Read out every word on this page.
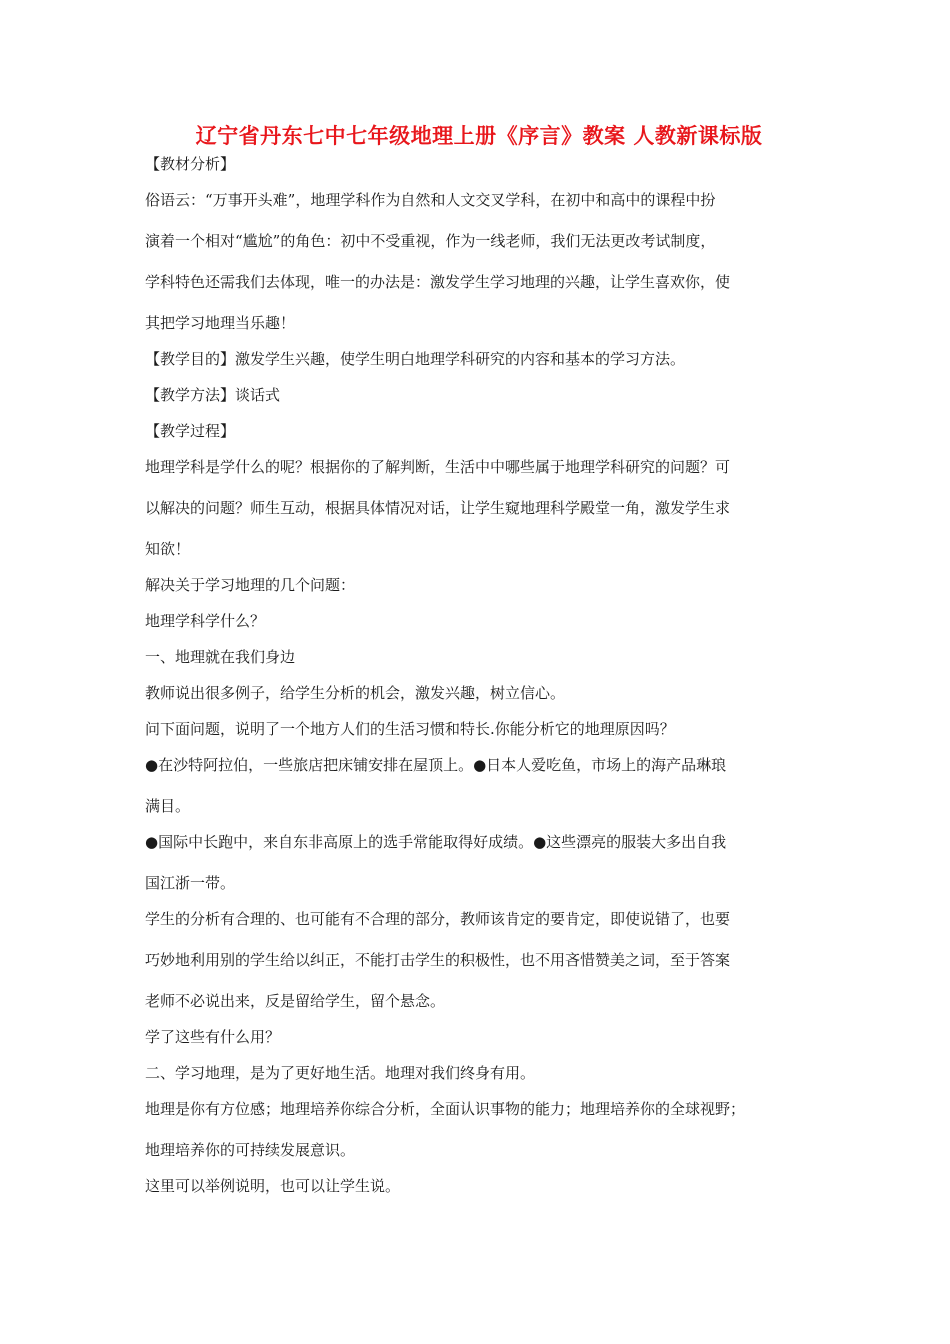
辽宁省丹东七中七年级地理上册《序言》教案 人教新课标版

【教材分析】

俗语云：“万事开头难”，地理学科作为自然和人文交叉学科，在初中和高中的课程中扮

演着一个相对“尴尬”的角色：初中不受重视，作为一线老师，我们无法更改考试制度，

学科特色还需我们去体现，唯一的办法是：激发学生学习地理的兴趣，让学生喜欢你，使

其把学习地理当乐趣！

【教学目的】激发学生兴趣，使学生明白地理学科研究的内容和基本的学习方法。

【教学方法】谈话式

【教学过程】

地理学科是学什么的呢？根据你的了解判断，生活中中哪些属于地理学科研究的问题？可

以解决的问题？师生互动，根据具体情况对话，让学生窥地理科学殿堂一角，激发学生求

知欲！

解决关于学习地理的几个问题：

地理学科学什么？

一、地理就在我们身边

教师说出很多例子，给学生分析的机会，激发兴趣，树立信心。

问下面问题，说明了一个地方人们的生活习惯和特长.你能分析它的地理原因吗？

●在沙特阿拉伯，一些旅店把床铺安排在屋顶上。●日本人爱吃鱼，市场上的海产品琳琅

满目。

●国际中长跑中，来自东非高原上的选手常能取得好成绩。●这些漂亮的服装大多出自我

国江浙一带。

学生的分析有合理的、也可能有不合理的部分，教师该肯定的要肯定，即使说错了，也要

巧妙地利用别的学生给以纠正，不能打击学生的积极性，也不用吝惜赞美之词，至于答案

老师不必说出来，反是留给学生，留个悬念。

学了这些有什么用？

二、学习地理，是为了更好地生活。地理对我们终身有用。

地理是你有方位感；地理培养你综合分析，全面认识事物的能力；地理培养你的全球视野；

地理培养你的可持续发展意识。

这里可以举例说明，也可以让学生说。
